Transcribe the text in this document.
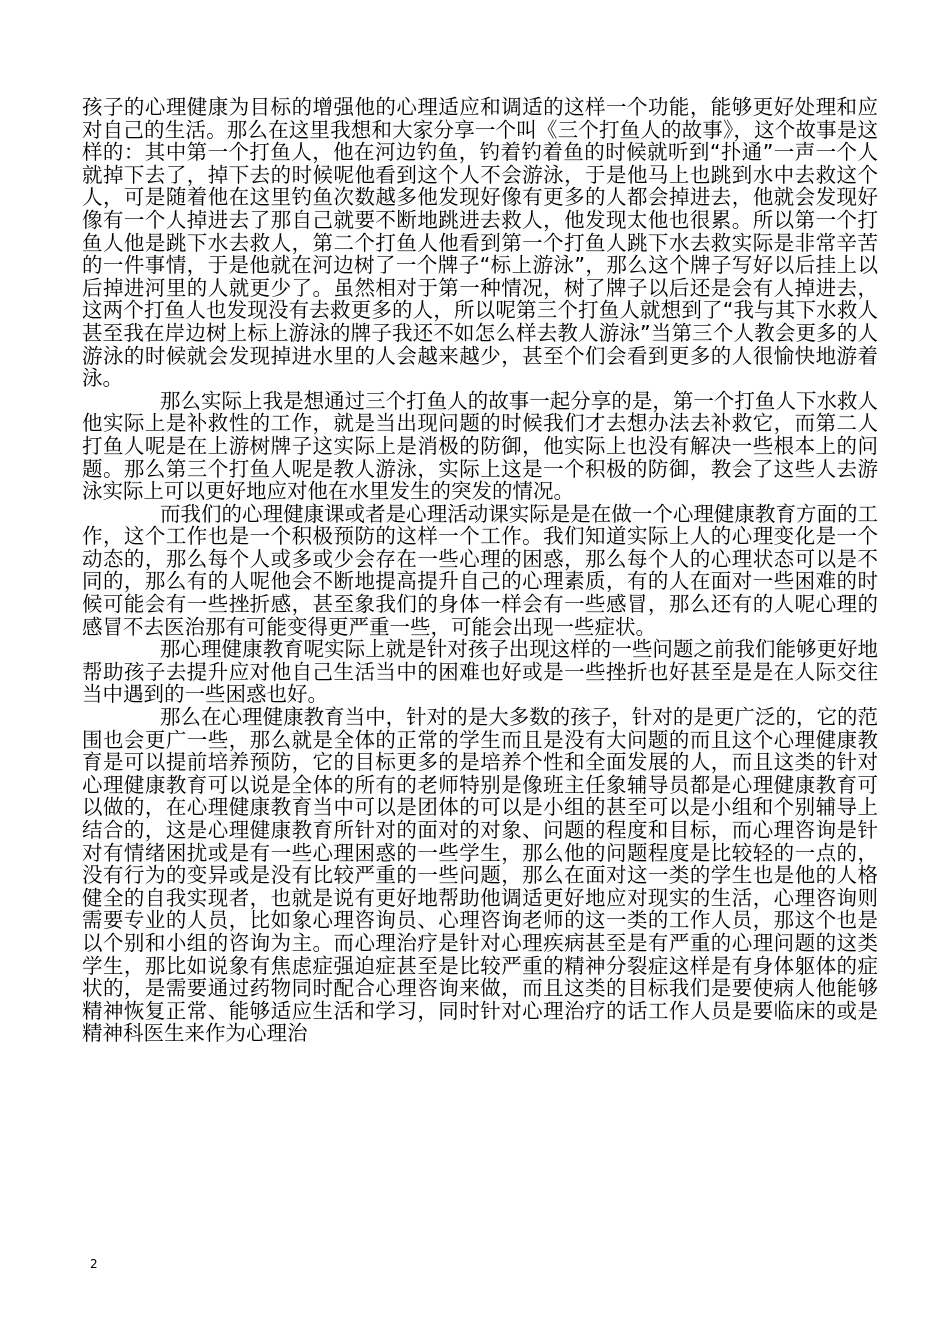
孩子的心理健康为目标的增强他的心理适应和调适的这样一个功能，能够更好处理和应对自己的生活。那么在这里我想和大家分享一个叫《三个打鱼人的故事》，这个故事是这样的：其中第一个打鱼人，他在河边钓鱼，钓着钓着鱼的时候就听到“扑通”一声一个人就掉下去了，掉下去的时候呢他看到这个人不会游泳，于是他马上也跳到水中去救这个人，可是随着他在这里钓鱼次数越多他发现好像有更多的人都会掉进去，他就会发现好像有一个人掉进去了那自己就要不断地跳进去救人，他发现太他也很累。所以第一个打鱼人他是跳下水去救人，第二个打鱼人他看到第一个打鱼人跳下水去救实际是非常辛苦的一件事情，于是他就在河边树了一个牌子“标上游泳”，那么这个牌子写好以后挂上以后掉进河里的人就更少了。虽然相对于第一种情况，树了牌子以后还是会有人掉进去，这两个打鱼人也发现没有去救更多的人，所以呢第三个打鱼人就想到了“我与其下水救人甚至我在岸边树上标上游泳的牌子我还不如怎么样去教人游泳”当第三个人教会更多的人游泳的时候就会发现掉进水里的人会越来越少，甚至个们会看到更多的人很愉快地游着泳。

那么实际上我是想通过三个打鱼人的故事一起分享的是，第一个打鱼人下水救人他实际上是补救性的工作，就是当出现问题的时候我们才去想办法去补救它，而第二人打鱼人呢是在上游树牌子这实际上是消极的防御，他实际上也没有解决一些根本上的问题。那么第三个打鱼人呢是教人游泳，实际上这是一个积极的防御，教会了这些人去游泳实际上可以更好地应对他在水里发生的突发的情况。

而我们的心理健康课或者是心理活动课实际是是在做一个心理健康教育方面的工作，这个工作也是一个积极预防的这样一个工作。我们知道实际上人的心理变化是一个动态的，那么每个人或多或少会存在一些心理的困惑，那么每个人的心理状态可以是不同的，那么有的人呢他会不断地提高提升自己的心理素质，有的人在面对一些困难的时候可能会有一些挫折感，甚至象我们的身体一样会有一些感冒，那么还有的人呢心理的感冒不去医治那有可能变得更严重一些，可能会出现一些症状。

那心理健康教育呢实际上就是针对孩子出现这样的一些问题之前我们能够更好地帮助孩子去提升应对他自己生活当中的困难也好或是一些挫折也好甚至是是在人际交往当中遇到的一些困惑也好。

那么在心理健康教育当中，针对的是大多数的孩子，针对的是更广泛的，它的范围也会更广一些，那么就是全体的正常的学生而且是没有大问题的而且这个心理健康教育是可以提前培养预防，它的目标更多的是培养个性和全面发展的人，而且这类的针对心理健康教育可以说是全体的所有的老师特别是像班主任象辅导员都是心理健康教育可以做的，在心理健康教育当中可以是团体的可以是小组的甚至可以是小组和个别辅导上结合的，这是心理健康教育所针对的面对的对象、问题的程度和目标，而心理咨询是针对有情绪困扰或是有一些心理困惑的一些学生，那么他的问题程度是比较轻的一点的，没有行为的变异或是没有比较严重的一些问题，那么在面对这一类的学生也是他的人格健全的自我实现者，也就是说有更好地帮助他调适更好地应对现实的生活，心理咨询则需要专业的人员，比如象心理咨询员、心理咨询老师的这一类的工作人员，那这个也是以个别和小组的咨询为主。而心理治疗是针对心理疾病甚至是有严重的心理问题的这类学生，那比如说象有焦虑症强迫症甚至是比较严重的精神分裂症这样是有身体躯体的症状的，是需要通过药物同时配合心理咨询来做，而且这类的目标我们是要使病人他能够精神恢复正常、能够适应生活和学习，同时针对心理治疗的话工作人员是要临床的或是精神科医生来作为心理治

2
